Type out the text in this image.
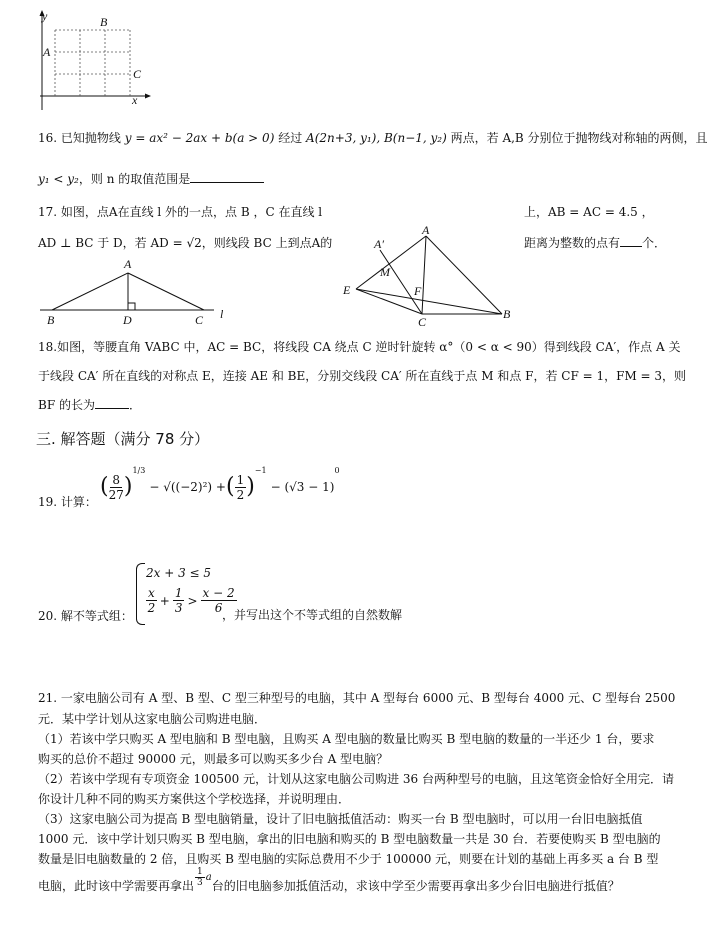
y
x
A
B
C
16. 已知抛物线 y = ax² − 2ax + b(a > 0) 经过 A(2n+3, y₁), B(n−1, y₂) 两点，若 A,B 分别位于抛物线对称轴的两侧，且
y₁ < y₂，则 n 的取值范围是
17. 如图，点A在直线 l 外的一点，点 B ，C 在直线 l	上，AB = AC = 4.5 ，
AD ⊥ BC 于 D，若 AD = √2，则线段 BC 上到点A的	距离为整数的点有 个．
A
B	D	C l
A′
A
M
E	F
C
B
18.如图，等腰直角 VABC 中，AC = BC，将线段 CA 绕点 C 逆时针旋转 α°（0 < α < 90）得到线段 CA′，作点 A 关
于线段 CA′ 所在直线的对称点 E，连接 AE 和 BE，分别交线段 CA′ 所在直线于点 M 和点 F，若 CF = 1，FM = 3，则
BF 的长为	．
三. 解答题（满分 78 分）
19. 计算：
( $\frac{8}{27}$ )
$^{1/3}$
− √((−2)²) + ( $\frac{1}{2}$ )
$^{-1}$
− (√3 − 1)
0
20. 解不等式组：
2x + 3 ≤ 5
$\frac{x}{2} + \frac{1}{3} > \frac{x - 2}{6}$
，并写出这个不等式组的自然数解
21. 一家电脑公司有 A 型、B 型、C 型三种型号的电脑，其中 A 型每台 6000 元、B 型每台 4000 元、C 型每台 2500
元．某中学计划从这家电脑公司购进电脑．
（1）若该中学只购买 A 型电脑和 B 型电脑，且购买 A 型电脑的数量比购买 B 型电脑的数量的一半还少 1 台，要求
购买的总价不超过 90000 元，则最多可以购买多少台 A 型电脑？
（2）若该中学现有专项资金 100500 元，计划从这家电脑公司购进 36 台两种型号的电脑，且这笔资金恰好全用完．请
你设计几种不同的购买方案供这个学校选择，并说明理由．
（3）这家电脑公司为提高 B 型电脑销量，设计了旧电脑抵值活动：购买一台 B 型电脑时，可以用一台旧电脑抵值
1000 元．该中学计划只购买 B 型电脑，拿出的旧电脑和购买的 B 型电脑数量一共是 30 台．若要使购买 B 型电脑的
数量是旧电脑数量的 2 倍，且购买 B 型电脑的实际总费用不少于 100000 元，则要在计划的基础上再多买 a 台 B 型
电脑，此时该中学需要再拿出 $\frac{1}{3}$ a
台的旧电脑参加抵值活动，求该中学至少需要再拿出多少台旧电脑进行抵值？
